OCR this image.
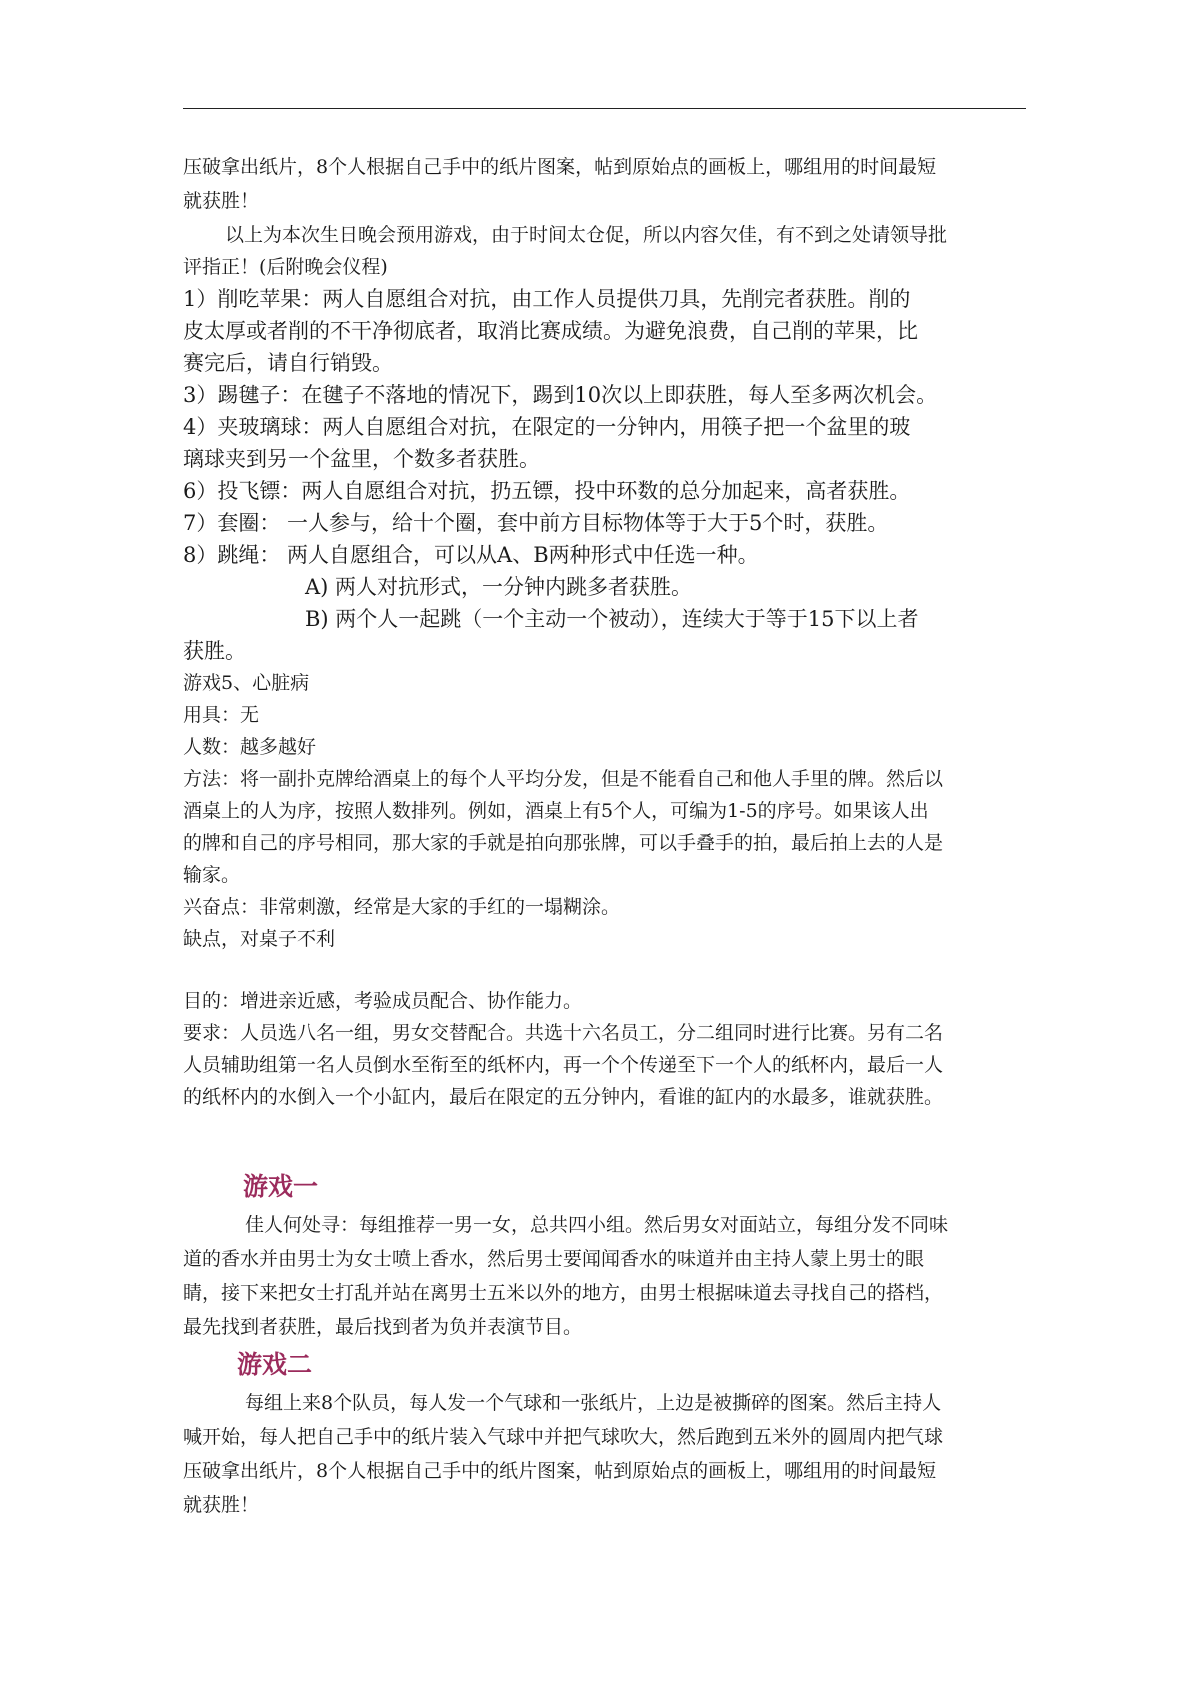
压破拿出纸片，8个人根据自己手中的纸片图案，帖到原始点的画板上，哪组用的时间最短
就获胜！
以上为本次生日晚会预用游戏，由于时间太仓促，所以内容欠佳，有不到之处请领导批
评指正！(后附晚会仪程)
1）削吃苹果：两人自愿组合对抗，由工作人员提供刀具，先削完者获胜。削的
皮太厚或者削的不干净彻底者，取消比赛成绩。为避免浪费，自己削的苹果，比
赛完后，请自行销毁。
3）踢毽子：在毽子不落地的情况下，踢到10次以上即获胜，每人至多两次机会。
4）夹玻璃球：两人自愿组合对抗，在限定的一分钟内，用筷子把一个盆里的玻
璃球夹到另一个盆里，个数多者获胜。
6）投飞镖：两人自愿组合对抗，扔五镖，投中环数的总分加起来，高者获胜。
7）套圈： 一人参与，给十个圈，套中前方目标物体等于大于5个时，获胜。
8）跳绳： 两人自愿组合，可以从A、B两种形式中任选一种。
A) 两人对抗形式，一分钟内跳多者获胜。
B) 两个人一起跳（一个主动一个被动），连续大于等于15下以上者
获胜。
游戏5、心脏病
用具：无
人数：越多越好
方法：将一副扑克牌给酒桌上的每个人平均分发，但是不能看自己和他人手里的牌。然后以
酒桌上的人为序，按照人数排列。例如，酒桌上有5个人，可编为1-5的序号。如果该人出
的牌和自己的序号相同，那大家的手就是拍向那张牌，可以手叠手的拍，最后拍上去的人是
输家。
兴奋点：非常刺激，经常是大家的手红的一塌糊涂。
缺点，对桌子不利
目的：增进亲近感，考验成员配合、协作能力。
要求：人员选八名一组，男女交替配合。共选十六名员工，分二组同时进行比赛。另有二名
人员辅助组第一名人员倒水至衔至的纸杯内，再一个个传递至下一个人的纸杯内，最后一人
的纸杯内的水倒入一个小缸内，最后在限定的五分钟内，看谁的缸内的水最多，谁就获胜。
游戏一
佳人何处寻：每组推荐一男一女，总共四小组。然后男女对面站立，每组分发不同味
道的香水并由男士为女士喷上香水，然后男士要闻闻香水的味道并由主持人蒙上男士的眼
睛，接下来把女士打乱并站在离男士五米以外的地方，由男士根据味道去寻找自己的搭档，
最先找到者获胜，最后找到者为负并表演节目。
游戏二
每组上来8个队员，每人发一个气球和一张纸片，上边是被撕碎的图案。然后主持人
喊开始，每人把自己手中的纸片装入气球中并把气球吹大，然后跑到五米外的圆周内把气球
压破拿出纸片，8个人根据自己手中的纸片图案，帖到原始点的画板上，哪组用的时间最短
就获胜！
